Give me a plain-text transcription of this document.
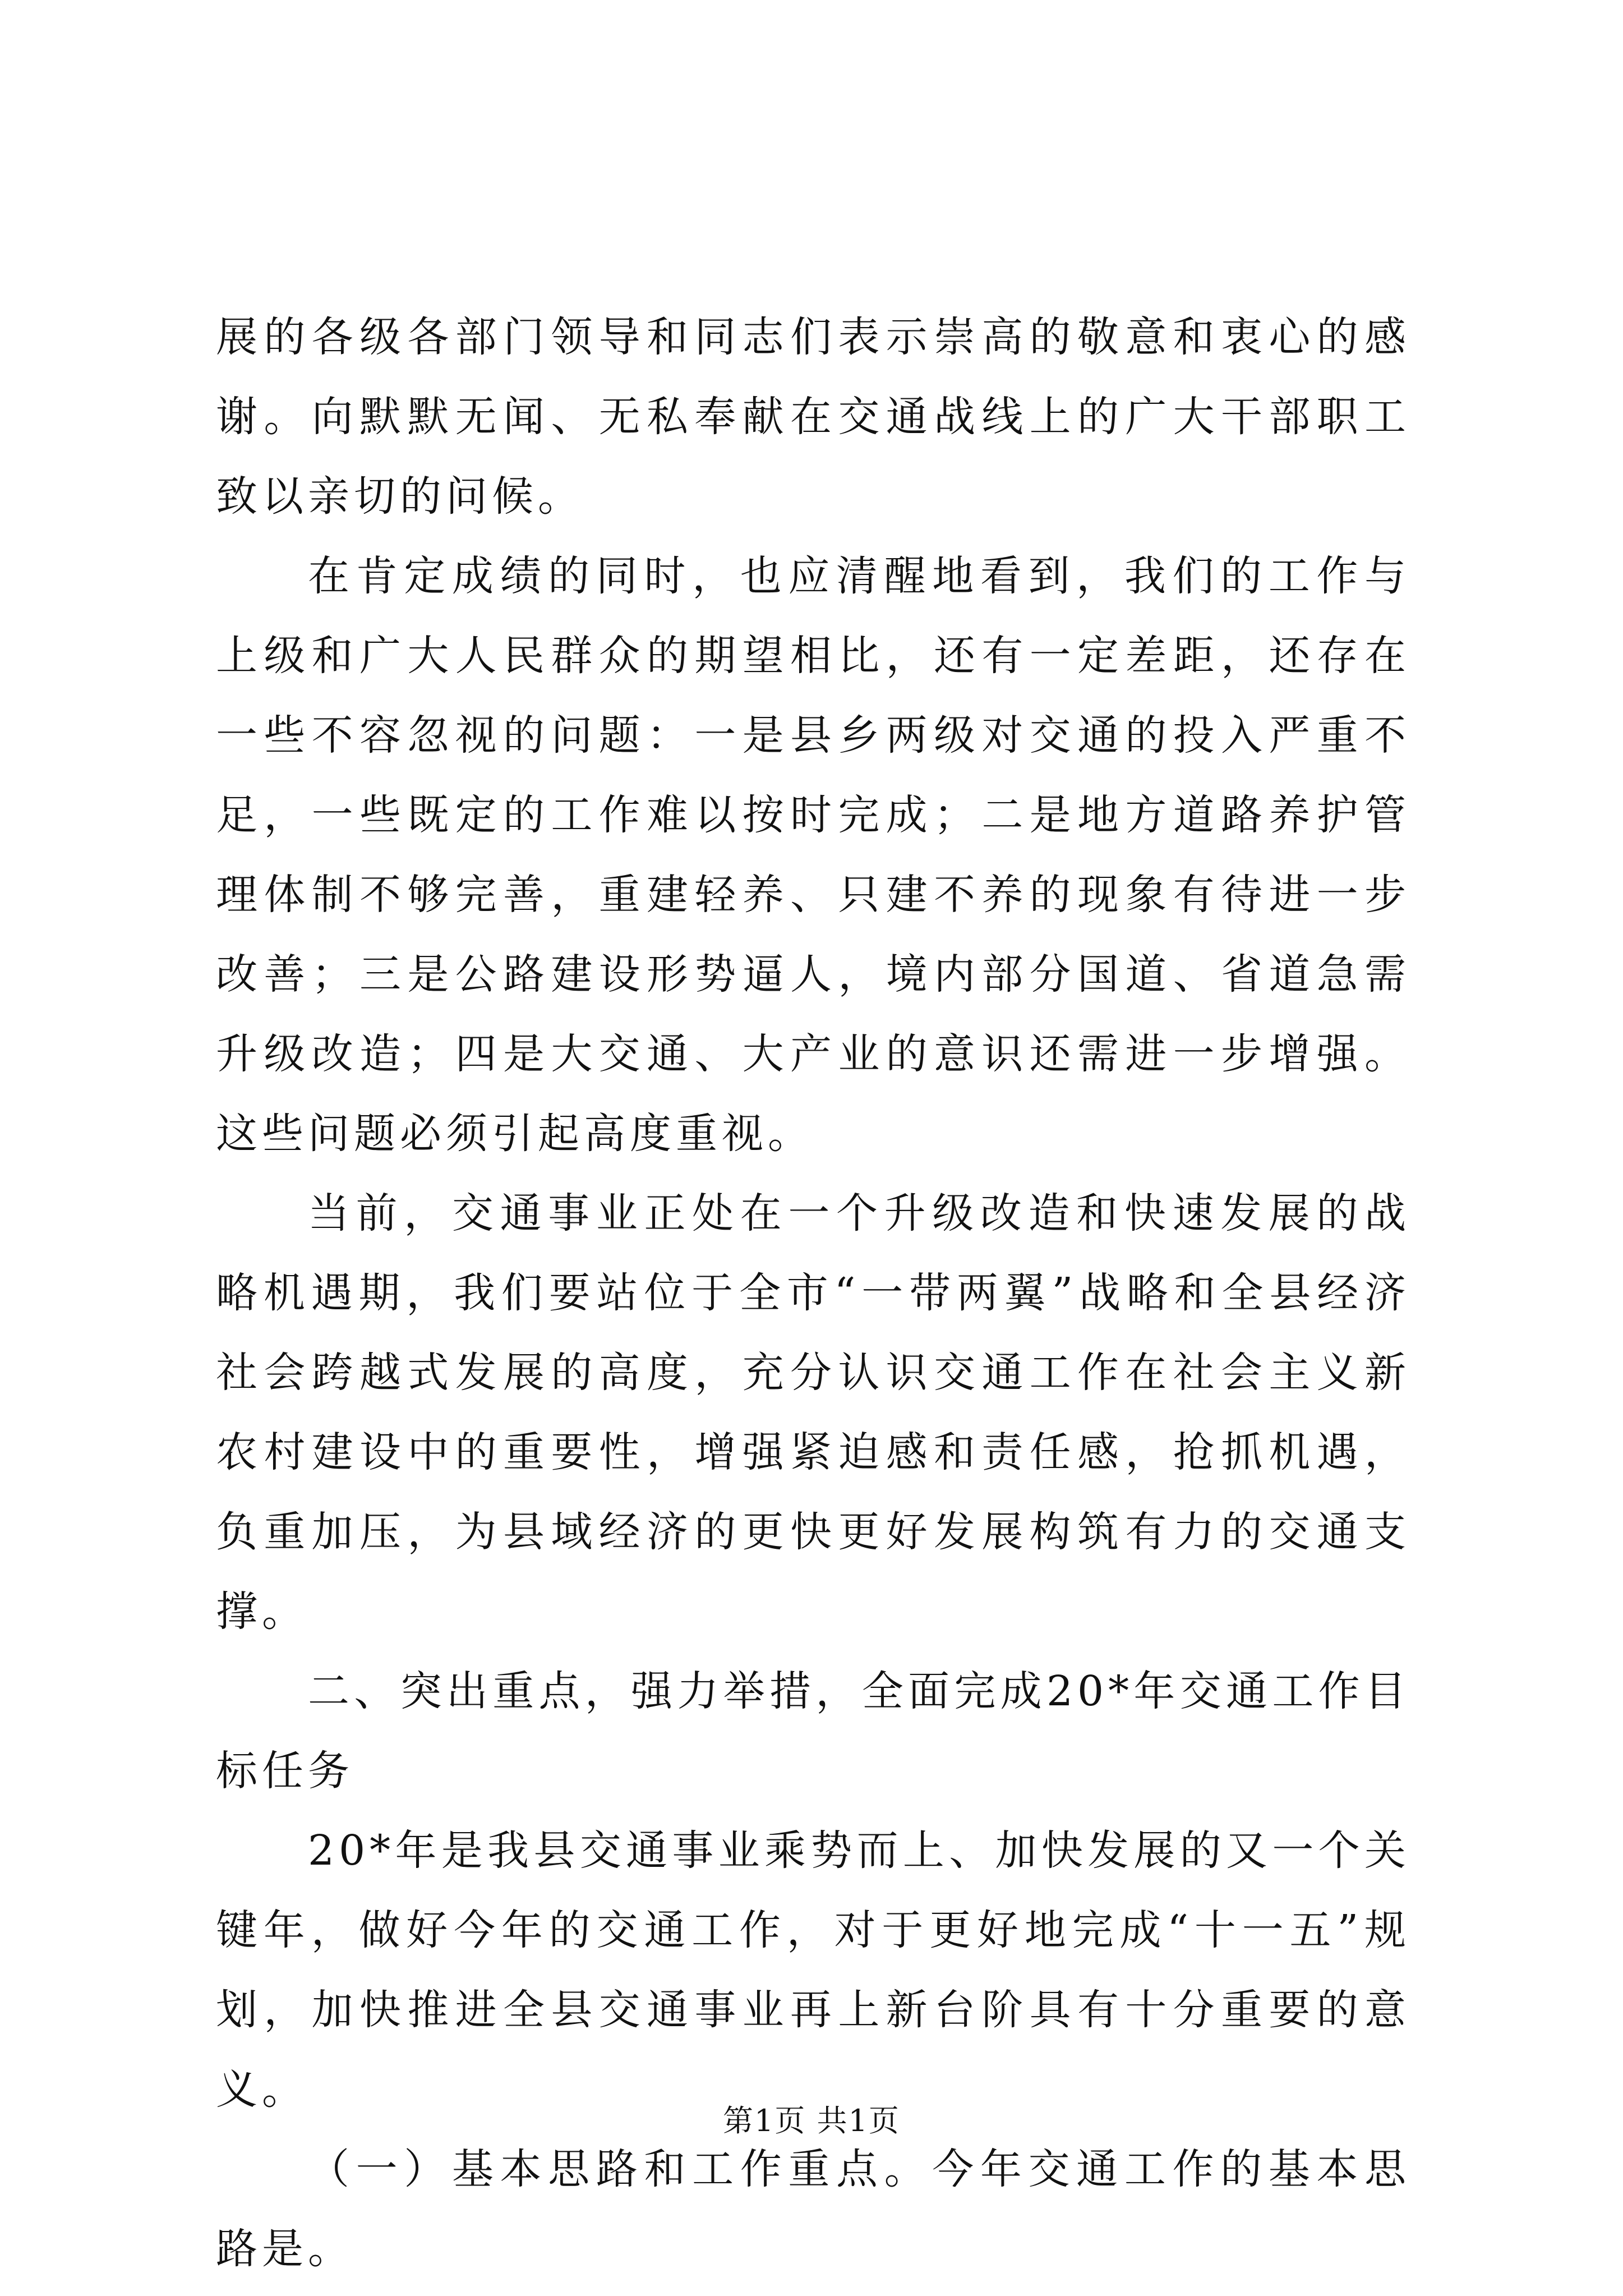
展的各级各部门领导和同志们表示崇高的敬意和衷心的感谢。向默默无闻、无私奉献在交通战线上的广大干部职工致以亲切的问候。

在肯定成绩的同时，也应清醒地看到，我们的工作与上级和广大人民群众的期望相比，还有一定差距，还存在一些不容忽视的问题：一是县乡两级对交通的投入严重不足，一些既定的工作难以按时完成；二是地方道路养护管理体制不够完善，重建轻养、只建不养的现象有待进一步改善；三是公路建设形势逼人，境内部分国道、省道急需升级改造；四是大交通、大产业的意识还需进一步增强。这些问题必须引起高度重视。

当前，交通事业正处在一个升级改造和快速发展的战略机遇期，我们要站位于全市“一带两翼”战略和全县经济社会跨越式发展的高度，充分认识交通工作在社会主义新农村建设中的重要性，增强紧迫感和责任感，抢抓机遇，负重加压，为县域经济的更快更好发展构筑有力的交通支撑。

二、突出重点，强力举措，全面完成20*年交通工作目标任务

20*年是我县交通事业乘势而上、加快发展的又一个关键年，做好今年的交通工作，对于更好地完成“十一五”规划，加快推进全县交通事业再上新台阶具有十分重要的意义。

（一）基本思路和工作重点。今年交通工作的基本思路是。

第1页 共1页
